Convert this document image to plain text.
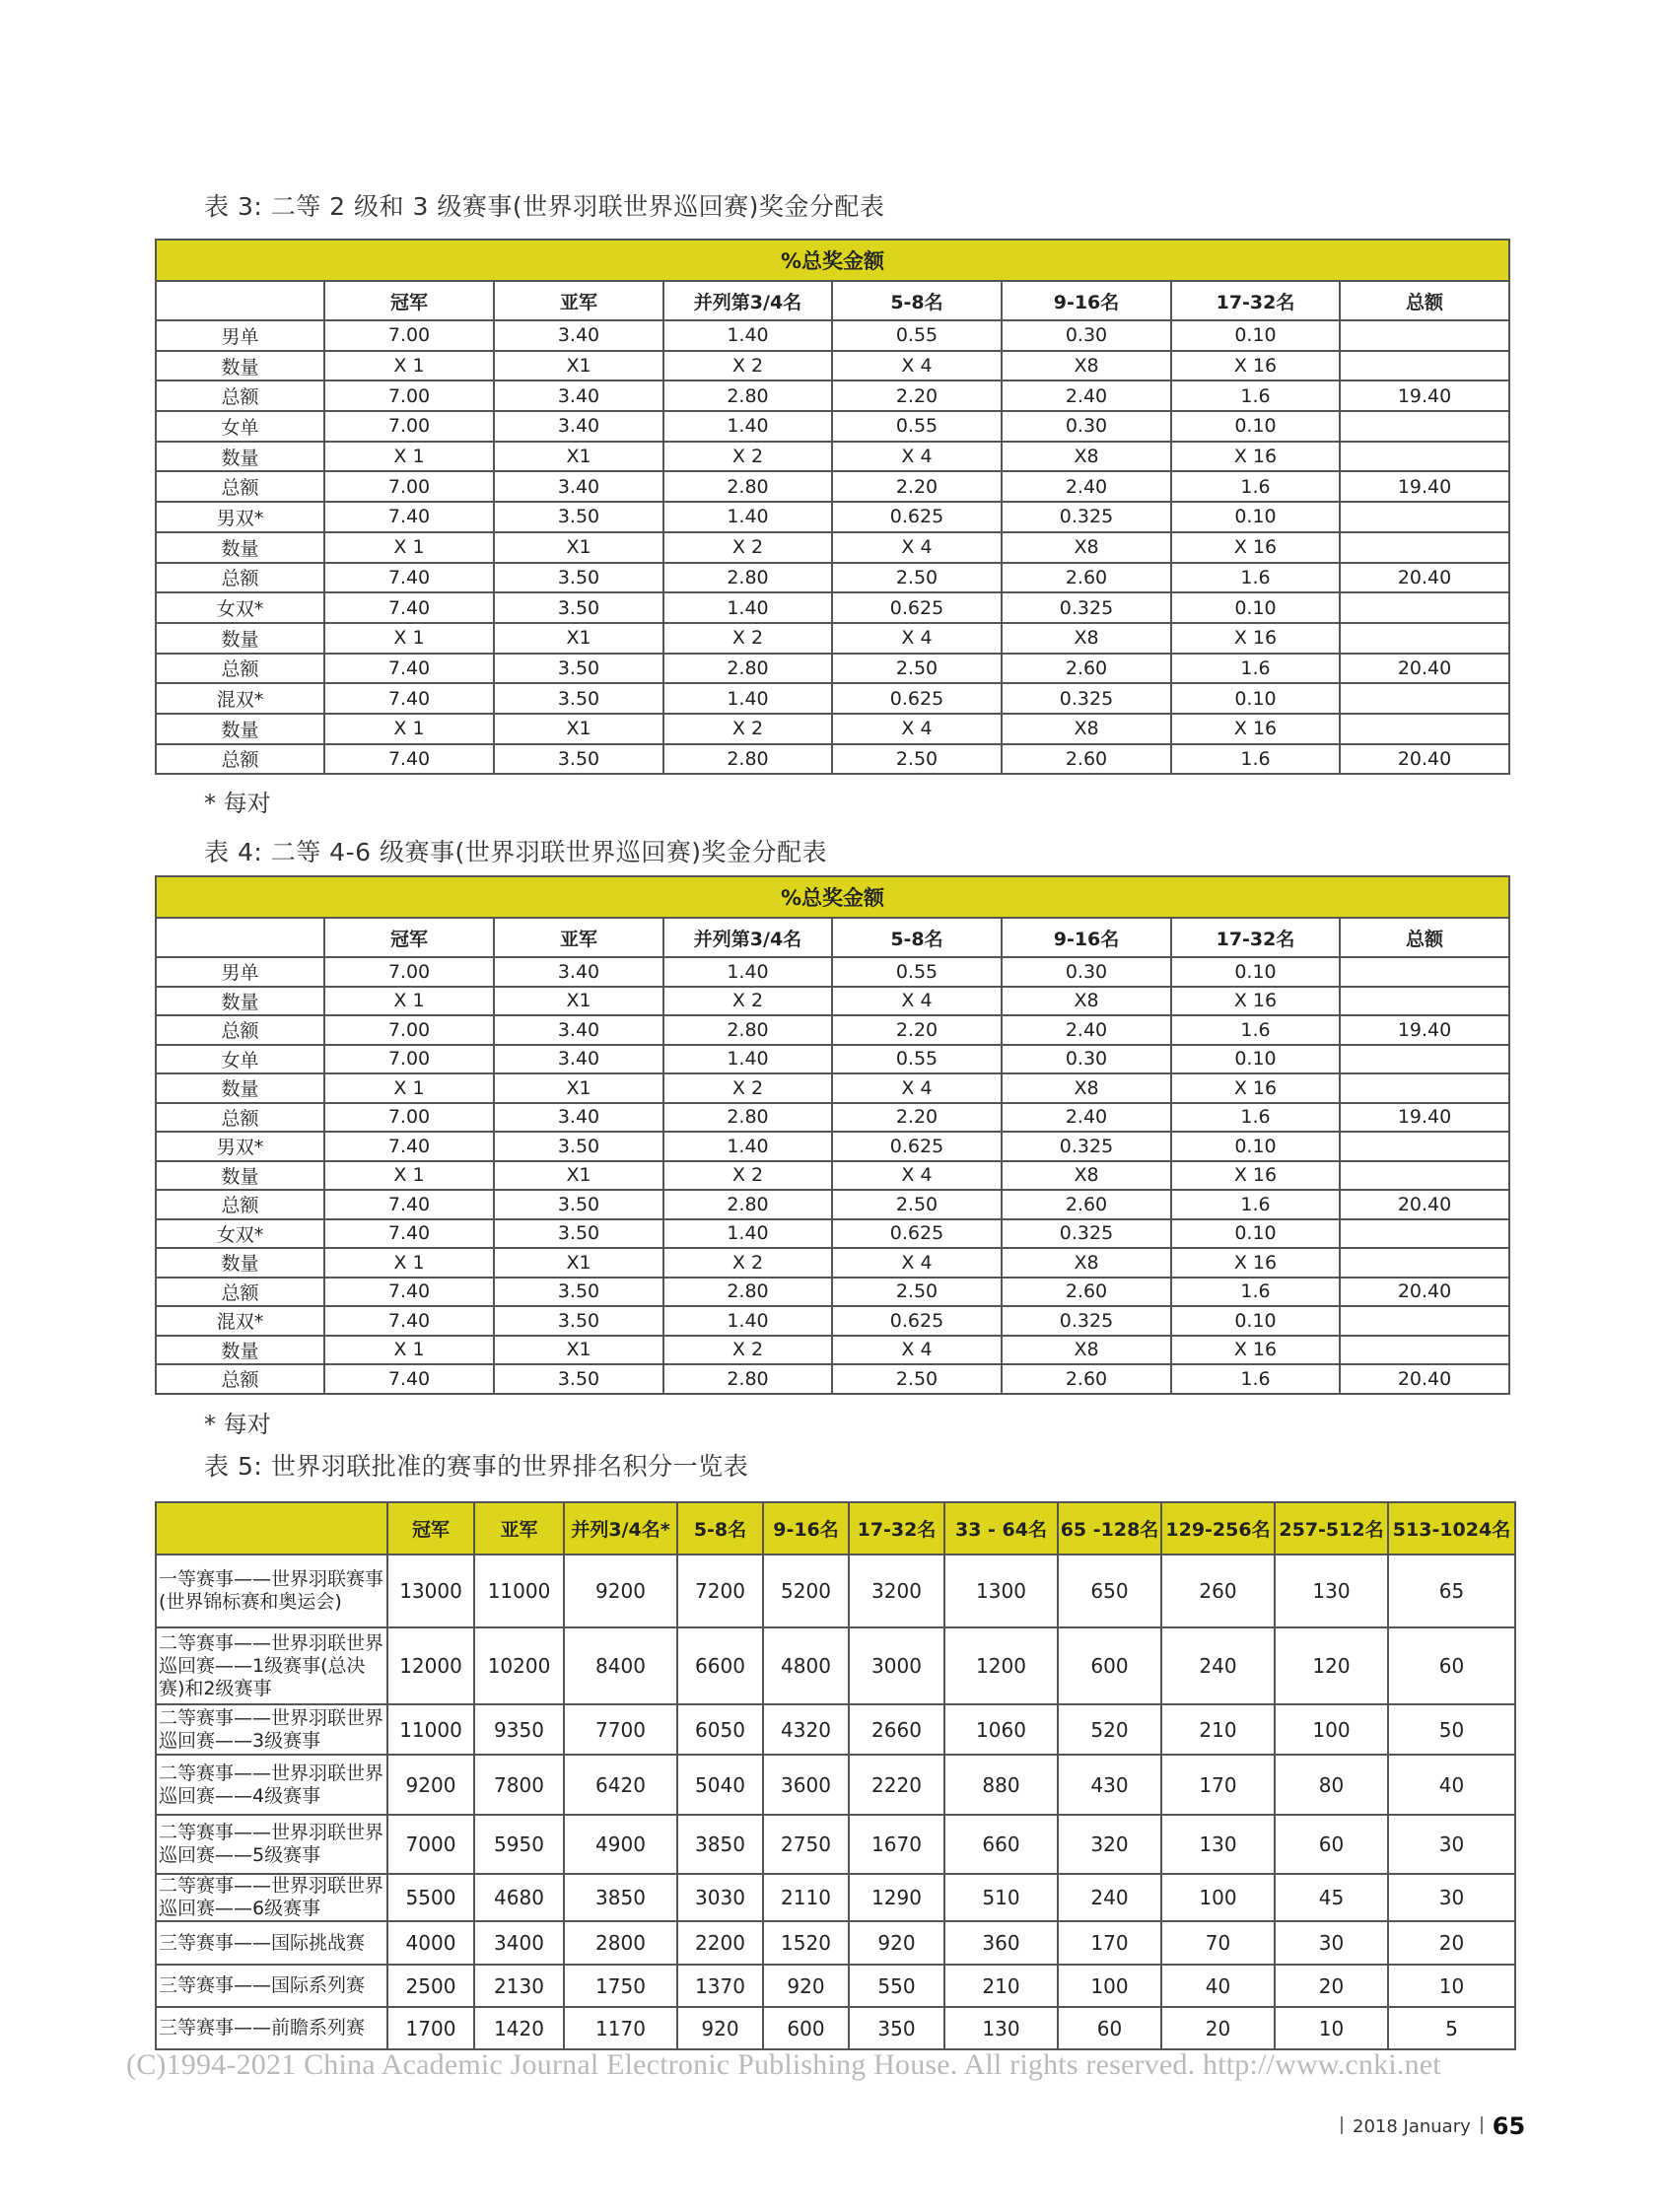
表 3: 二等 2 级和 3 级赛事(世界羽联世界巡回赛)奖金分配表
%总奖金额							
	冠军	亚军	并列第3/4名	5-8名	9-16名	17-32名	总额
男单	7.00	3.40	1.40	0.55	0.30	0.10	
数量	X 1	X1	X 2	X 4	X8	X 16	
总额	7.00	3.40	2.80	2.20	2.40	1.6	19.40
女单	7.00	3.40	1.40	0.55	0.30	0.10	
数量	X 1	X1	X 2	X 4	X8	X 16	
总额	7.00	3.40	2.80	2.20	2.40	1.6	19.40
男双*	7.40	3.50	1.40	0.625	0.325	0.10	
数量	X 1	X1	X 2	X 4	X8	X 16	
总额	7.40	3.50	2.80	2.50	2.60	1.6	20.40
女双*	7.40	3.50	1.40	0.625	0.325	0.10	
数量	X 1	X1	X 2	X 4	X8	X 16	
总额	7.40	3.50	2.80	2.50	2.60	1.6	20.40
混双*	7.40	3.50	1.40	0.625	0.325	0.10	
数量	X 1	X1	X 2	X 4	X8	X 16	
总额	7.40	3.50	2.80	2.50	2.60	1.6	20.40
* 每对
表 4: 二等 4-6 级赛事(世界羽联世界巡回赛)奖金分配表
%总奖金额							
	冠军	亚军	并列第3/4名	5-8名	9-16名	17-32名	总额
男单	7.00	3.40	1.40	0.55	0.30	0.10	
数量	X 1	X1	X 2	X 4	X8	X 16	
总额	7.00	3.40	2.80	2.20	2.40	1.6	19.40
女单	7.00	3.40	1.40	0.55	0.30	0.10	
数量	X 1	X1	X 2	X 4	X8	X 16	
总额	7.00	3.40	2.80	2.20	2.40	1.6	19.40
男双*	7.40	3.50	1.40	0.625	0.325	0.10	
数量	X 1	X1	X 2	X 4	X8	X 16	
总额	7.40	3.50	2.80	2.50	2.60	1.6	20.40
女双*	7.40	3.50	1.40	0.625	0.325	0.10	
数量	X 1	X1	X 2	X 4	X8	X 16	
总额	7.40	3.50	2.80	2.50	2.60	1.6	20.40
混双*	7.40	3.50	1.40	0.625	0.325	0.10	
数量	X 1	X1	X 2	X 4	X8	X 16	
总额	7.40	3.50	2.80	2.50	2.60	1.6	20.40
* 每对
表 5: 世界羽联批准的赛事的世界排名积分一览表
	冠军	亚军	并列3/4名*	5-8名	9-16名	17-32名	33 - 64名	65 -128名	129-256名	257-512名	513-1024名
一等赛事——世界羽联赛事(世界锦标赛和奥运会)	13000	11000	9200	7200	5200	3200	1300	650	260	130	65
二等赛事——世界羽联世界巡回赛——1级赛事(总决赛)和2级赛事	12000	10200	8400	6600	4800	3000	1200	600	240	120	60
二等赛事——世界羽联世界巡回赛——3级赛事	11000	9350	7700	6050	4320	2660	1060	520	210	100	50
二等赛事——世界羽联世界巡回赛——4级赛事	9200	7800	6420	5040	3600	2220	880	430	170	80	40
二等赛事——世界羽联世界巡回赛——5级赛事	7000	5950	4900	3850	2750	1670	660	320	130	60	30
二等赛事——世界羽联世界巡回赛——6级赛事	5500	4680	3850	3030	2110	1290	510	240	100	45	30
三等赛事——国际挑战赛	4000	3400	2800	2200	1520	920	360	170	70	30	20
三等赛事——国际系列赛	2500	2130	1750	1370	920	550	210	100	40	20	10
三等赛事——前瞻系列赛	1700	1420	1170	920	600	350	130	60	20	10	5
(C)1994-2021 China Academic Journal Electronic Publishing House. All rights reserved. http://www.cnki.net
2018 January 65
